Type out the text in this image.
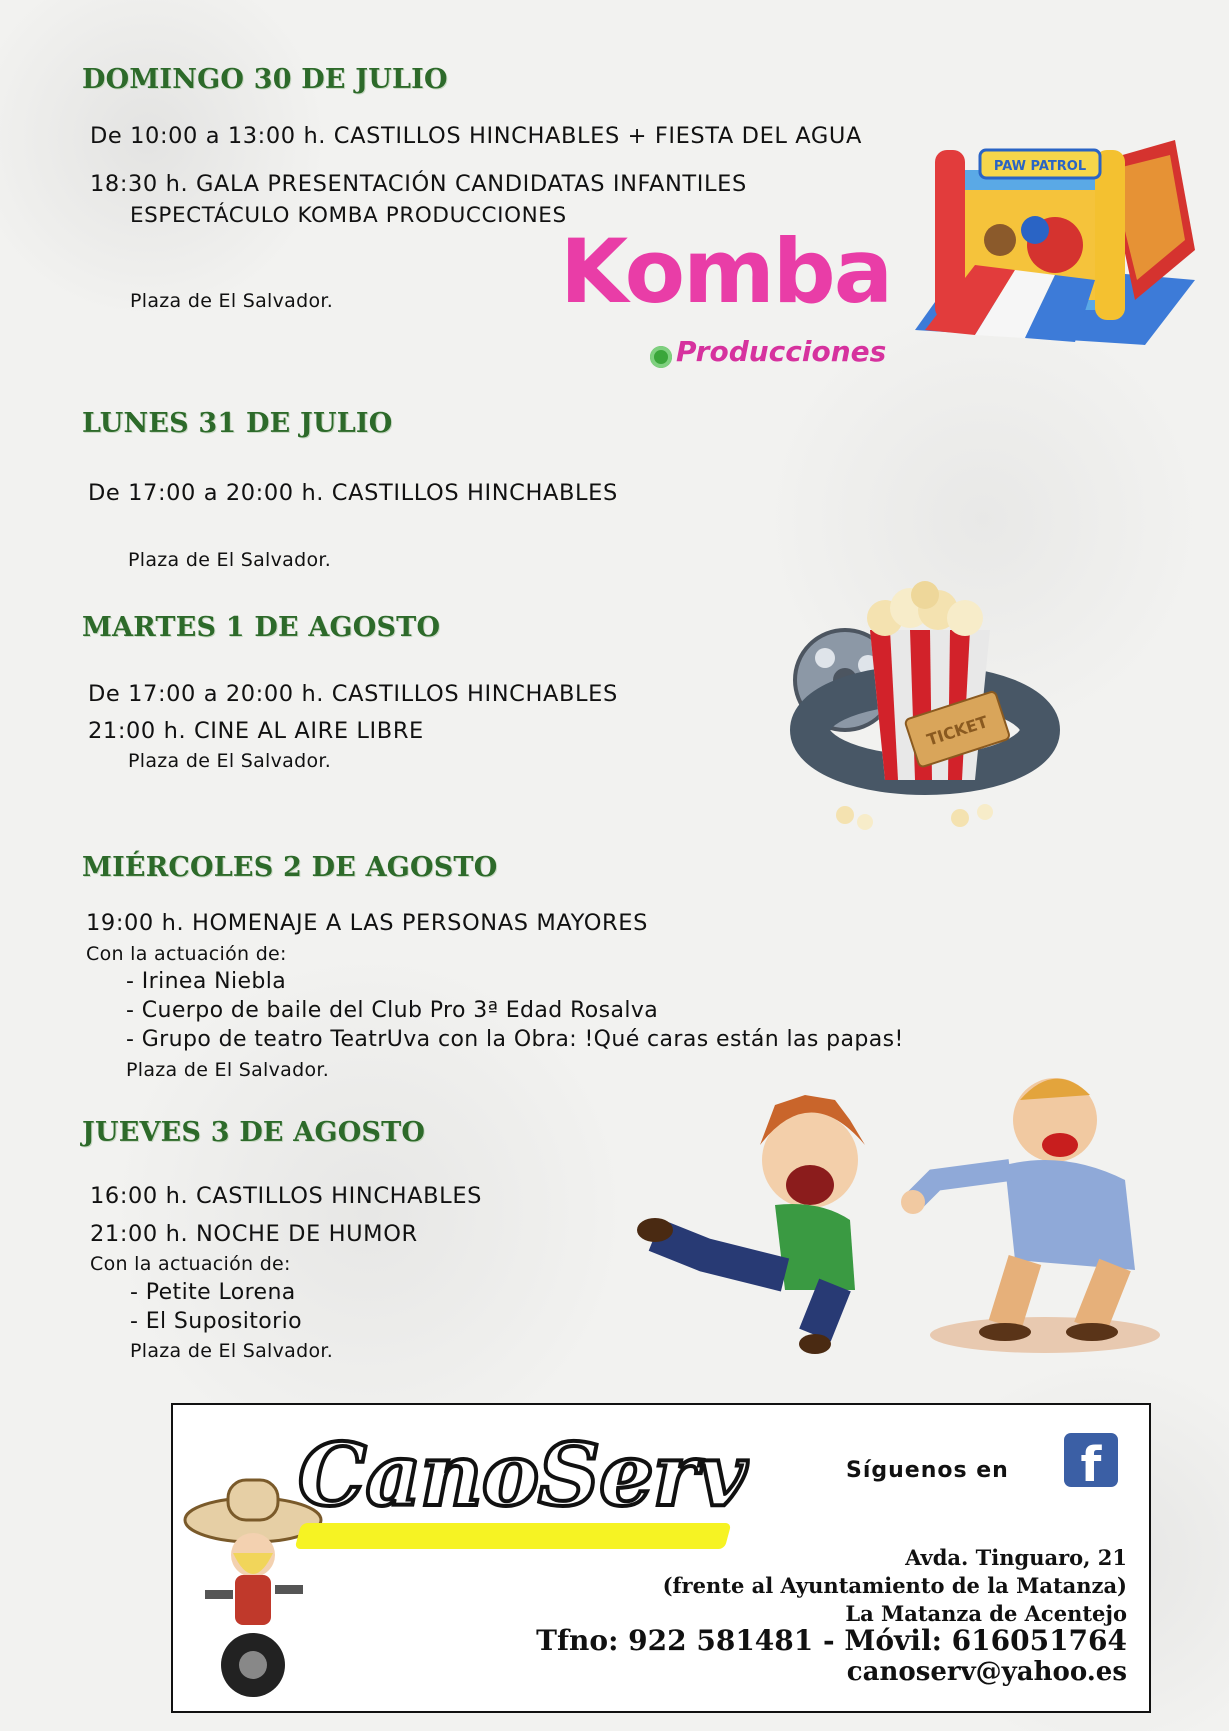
DOMINGO 30 DE JULIO
De 10:00 a 13:00 h. CASTILLOS HINCHABLES + FIESTA DEL AGUA
18:30 h. GALA PRESENTACIÓN CANDIDATAS INFANTILES
ESPECTÁCULO KOMBA PRODUCCIONES
Plaza de El Salvador.	Komba
Producciones
PAW PATROL
LUNES 31 DE JULIO
De 17:00 a 20:00 h. CASTILLOS HINCHABLES
Plaza de El Salvador.
MARTES 1 DE AGOSTO
De 17:00 a 20:00 h. CASTILLOS HINCHABLES
21:00 h. CINE AL AIRE LIBRE
Plaza de El Salvador.
TICKET
MIÉRCOLES 2 DE AGOSTO
19:00 h. HOMENAJE A LAS PERSONAS MAYORES
Con la actuación de:
- Irinea Niebla
- Cuerpo de baile del Club Pro 3ª Edad Rosalva
- Grupo de teatro TeatrUva con la Obra: !Qué caras están las papas!
Plaza de El Salvador.
JUEVES 3 DE AGOSTO
16:00 h. CASTILLOS HINCHABLES
21:00 h. NOCHE DE HUMOR
Con la actuación de:
- Petite Lorena
- El Supositorio
Plaza de El Salvador.
CanoServ	Síguenos en	f
Avda. Tinguaro, 21
(frente al Ayuntamiento de la Matanza)
La Matanza de Acentejo
Tfno: 922 581481 - Móvil: 616051764
canoserv@yahoo.es
